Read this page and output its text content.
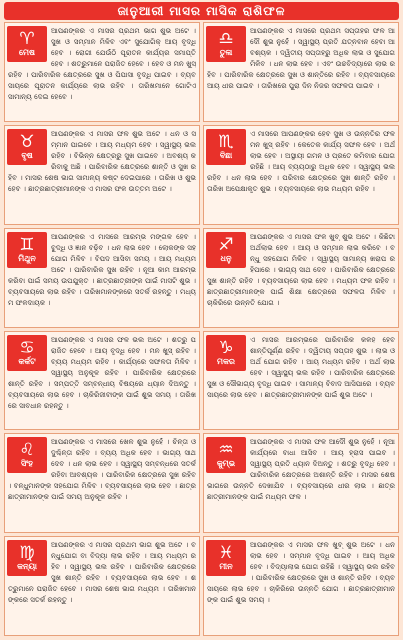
ଜାନୁଆରୀ ମାସର ମାସିକ ରାଶିଫଳ
♈
ମେଷ
ଆପଣଙ୍କର ଏ ମାସର ପ୍ରଥମ ଭାଗ ଶୁଭ ଅଟେ । ସୁଖ ଓ ସମ୍ମାନ ମିଳିବ ଏବଂ ସୁଯୋଗିକ୍ ଆୟ ବୃଦ୍ଧି ହେବ । ରୋଗୀ ଯେଉଁଠି ପୂରାତନ କାର୍ଯ୍ୟର ସମାପ୍ତି ହେବ । ଶତ୍ରୁମାନେ ପରାଜିତ ହେବେ । ହେବ ଓ ମନ ଖୁସ୍ ରହିବ । ପାରିବାରିକ କ୍ଷେତ୍ରରେ ସୁଖ ଓ ପିପାସା ବୃଦ୍ଧି ପାଇବ । ବ୍ୟବସାୟରେ ପୂରାତନ କାର୍ଯ୍ୟରେ ଲାଭ ରହିବ । ତାରିଖମାନେ ଗୋଟିଏ ସାମାନ୍ୟ ଦେଇ ହେବେ ।
♎
ତୁଳା
ଆପଣଙ୍କର ଏ ମାସରେ ପ୍ରଥମ ସପ୍ତାହର ଫଳ ଆଦୌ ଶୁଭ ନୁହେଁ । ସ୍ୱାସ୍ଥ୍ୟ ପ୍ରତି ଯତ୍ନବାନ ହେବା ଆବଶ୍ୟକ । ଦ୍ୱିତୀୟ ସପ୍ତାହରୁ ଅଧିକ ଲାଭ ଓ ସୁଯୋଗ ମିଳିବ । ଧନ ଲାଭ ହେବ । ଏବଂ ଉଚ୍ଚବିଦ୍ୟାରେ ଲାଭ ରହିବ । ପାରିବାରିକ କ୍ଷେତ୍ରରେ ସୁଖ ଓ ଶାନ୍ତିରେ ରହିବ । ବ୍ୟବସାୟରେ ଆୟ ଧୀର ପାଇବ । ତାରିଖରେ ପୁରା ଦିନ ନିଜର ସଫଳତା ପାଇବ ।
♉
ବୃଷ
ଆପଣଙ୍କର ଏ ମାସର ଫଳ ଶୁଭ ଅଟେ । ଧନ ଓ ସମ୍ମାନ ପାଇବେ । ଆୟ ମଧ୍ୟମ ହେବ । ସ୍ୱାସ୍ଥ୍ୟ ଭଲ ରହିବ । ବିଭିନ୍ନ କ୍ଷେତ୍ରରୁ ସୁଖ ପାଇବେ । ଅବଶ୍ୟ କରିବାକୁ ଅଛି । ପାରିବାରିକ କ୍ଷେତ୍ରରେ ଶାନ୍ତି ଓ ସୁଖ ରହିବ । ମାସର ଶେଷ ଭାଗ ସାମାନ୍ୟ କଷ୍ଟ ଦେଇପାରେ । ତାରିଖ ଓ ଶୁଭ ହେବ । ଛାତ୍ରଛାତ୍ରୀମାନଙ୍କ ଏ ମାସର ଫଳ ଉତ୍ତମ ଅଟେ ।
♏
ବିଛା
ଏ ମାସରେ ଆପଣଙ୍କର ହେବ ସୁଖ ଓ ଉନ୍ନତିର ଫଳ ମନ ଖୁସ୍ ରହିବ । କେତେକ କାର୍ଯ୍ୟ ସଫଳ ହେବ । ଅର୍ଥଲାଭ ହେବ । ଅସ୍ଥାୟୀ ଗମନ ଓ ପ୍ରତେ କମିବାର ଯୋଗ ରହିଛି । ଆୟ ବ୍ୟୟଠାରୁ ଅଧିକ ହେବ । ସ୍ୱାସ୍ଥ୍ୟ ଭଲ ରହିବ । ଧନ ଲାଭ ହେବ । ପରିବାର କ୍ଷେତ୍ରରେ ସୁଖ ଶାନ୍ତି ରହିବ । ତାରିଖ ଅପେକ୍ଷାକୃତ ଶୁଭ । ବ୍ୟବସାୟରେ ଲାଭ ମଧ୍ୟମ ରହିବ ।
♊
ମିଥୁନ
ଆପଣଙ୍କର ଏ ମାସରେ ଆରମ୍ଭ ମଙ୍ଗଳ ହେବ । ବୁଦ୍ଧି ଓ ଜ୍ଞାନ ବଢ଼ିବ । ଧନ ଲାଭ ହେବ । ଲୋକଙ୍କ ସହଯୋଗ ମିଳିବ । ବିପଦ ଆସିବା ସମୟ । ଆୟ ମଧ୍ୟମ ଅଟେ । ପାରିବାରିକ ସୁଖ ରହିବ । ନୂଆ କାମ ଆରମ୍ଭ କରିବା ପାଇଁ ସମୟ ଉପଯୁକ୍ତ । ଛାତ୍ରଛାତ୍ରୀଙ୍କ ପାଇଁ ମାସଟି ଶୁଭ । ବ୍ୟବସାୟରେ ଲାଭ ରହିବ । ତାରିଖମାନଙ୍କରେ ସତର୍କ ରହନ୍ତୁ । ମଧ୍ୟମ ଫଳଦାୟକ ।
♐
ଧନୁ
ଆପଣଙ୍କର ଏ ମାସର ଫଳ ଖୁବ୍ ଶୁଭ ଅଟେ । କିଛିଟା ଅର୍ଥଲାଭ ହେବ । ଆୟ ଓ ସମ୍ମାନ ଲାଭ କରିବେ । ବନ୍ଧୁ ସହଯୋଗ ମିଳିବ । ସ୍ୱାସ୍ଥ୍ୟ ସାମାନ୍ୟ ଖରାପ ରହିପାରେ । ଭାଗ୍ୟ ସାଥ ଦେବ । ପାରିବାରିକ କ୍ଷେତ୍ରରେ ସୁଖ ଶାନ୍ତି ରହିବ । ବ୍ୟବସାୟରେ ଲାଭ ହେବ । ମଧ୍ୟମ ଫଳ ରହିବ । ଛାତ୍ରଛାତ୍ରୀମାନଙ୍କ ପାଇଁ ଶିକ୍ଷା କ୍ଷେତ୍ରରେ ସଫଳତା ମିଳିବ । ଚାକିରିରେ ଉନ୍ନତି ଯୋଗ ।
♋
କର୍କଟ
ଆପଣଙ୍କର ଏ ମାସର ଫଳ ଭଲ ଅଟେ । ଶତ୍ରୁ ପରାଜିତ ହେବେ । ଆୟ ବୃଦ୍ଧି ହେବ । ମନ ଖୁସ୍ ରହିବ । ବ୍ୟୟ ମଧ୍ୟମ ରହିବ । କାର୍ଯ୍ୟରେ ସଫଳତା ମିଳିବ । ସ୍ୱାସ୍ଥ୍ୟ ଅନୁକୂଳ ରହିବ । ପାରିବାରିକ କ୍ଷେତ୍ରରେ ଶାନ୍ତି ରହିବ । ସମ୍ପତ୍ତି ସମ୍ବନ୍ଧୀୟ ବିଷୟରେ ଧ୍ୟାନ ଦିଅନ୍ତୁ । ବ୍ୟବସାୟରେ ଲାଭ ହେବ । ଚାକିରିଜୀବୀଙ୍କ ପାଇଁ ଶୁଭ ସମୟ । ତାରିଖରେ ସାବଧାନ ରହନ୍ତୁ ।
♑
ମକର
ଏ ମାସର ଆରମ୍ଭରେ ପାରିବାରିକ କଳହ ହେବ ଶାନ୍ତିପୂର୍ଣ୍ଣ ରହିବ । ଦ୍ୱିତୀୟ ସପ୍ତାହ ଶୁଭ । ଲାଭ ଓ ଅର୍ଥ ଯୋଗ ରହିବ । ଆୟ ମଧ୍ୟମ ରହିବ । ଅର୍ଥ ଲାଭ ହେବ । ସ୍ୱାସ୍ଥ୍ୟ ଭଲ ରହିବ । ପାରିବାରିକ କ୍ଷେତ୍ରରେ ସୁଖ ଓ ସୌଭାଗ୍ୟ ବୃଦ୍ଧି ପାଇବ । ସାମାନ୍ୟ ବିବାଦ ଆସିପାରେ । ବ୍ୟବସାୟରେ ଲାଭ ହେବ । ଛାତ୍ରଛାତ୍ରୀମାନଙ୍କ ପାଇଁ ଶୁଭ ଅଟେ ।
♌
ସିଂହ
ଆପଣଙ୍କର ଏ ମାସରେ ଖେଳ ଶୁଭ ନୁହେଁ । ଚିନ୍ତା ଓ ଦୁଶ୍ଚିନ୍ତା ରହିବ । ବ୍ୟୟ ଅଧିକ ହେବ । ଭାଗ୍ୟ ସାଥ ଦେବ । ଧନ ଲାଭ ହେବ । ସ୍ୱାସ୍ଥ୍ୟ ସମ୍ବନ୍ଧରେ ସତର୍କ ରହିବା ଆବଶ୍ୟକ । ପାରିବାରିକ କ୍ଷେତ୍ରରେ ସୁଖ ରହିବ । ବନ୍ଧୁମାନଙ୍କ ସହଯୋଗ ମିଳିବ । ବ୍ୟବସାୟରେ ଲାଭ ହେବ । ଛାତ୍ରଛାତ୍ରୀମାନଙ୍କ ପାଇଁ ସମୟ ଅନୁକୂଳ ରହିବ ।
♒
କୁମ୍ଭ
ଆପଣଙ୍କର ଏ ମାସର ଫଳ ଆଦୌ ଶୁଭ ନୁହେଁ । ନୂଆ କାର୍ଯ୍ୟରେ ବାଧା ଆସିବ । ଆୟ ହ୍ରାସ ପାଇବ । ସ୍ୱାସ୍ଥ୍ୟ ପ୍ରତି ଧ୍ୟାନ ଦିଅନ୍ତୁ । ଶତ୍ରୁ ବୃଦ୍ଧି ହେବ । ପାରିବାରିକ କ୍ଷେତ୍ରରେ ଅଶାନ୍ତି ରହିବ । ମାସର ଶେଷ ଭାଗରେ ଉନ୍ନତି ଦେଖାଯିବ । ବ୍ୟବସାୟରେ ଧୀର ଲାଭ । ଛାତ୍ରଛାତ୍ରୀମାନଙ୍କ ପାଇଁ ମଧ୍ୟମ ଫଳ ।
♍
କନ୍ୟା
ଆପଣଙ୍କର ଏ ମାସର ପ୍ରଥମ ଭାଗ ଶୁଭ ଅଟେ । ବନ୍ଧୁଯୋଗ ବା ବିଦ୍ୟା ଲାଭ ରହିବ । ଆୟ ମଧ୍ୟମ ରହିବ । ସ୍ୱାସ୍ଥ୍ୟ ଭଲ ରହିବ । ପାରିବାରିକ କ୍ଷେତ୍ରରେ ସୁଖ ଶାନ୍ତି ରହିବ । ବ୍ୟବସାୟରେ ଲାଭ ହେବ । ଶତ୍ରୁମାନେ ପରାଜିତ ହେବେ । ମାସର ଶେଷ ଭାଗ ମଧ୍ୟମ । ତାରିଖମାନଙ୍କରେ ସତର୍କ ରହନ୍ତୁ ।
♓
ମୀନ
ଆପଣଙ୍କର ଏ ମାସର ଫଳ ଖୁବ୍ ଶୁଭ ଅଟେ । ଧନଲାଭ ହେବ । ସମ୍ମାନ ବୃଦ୍ଧି ପାଇବ । ଆୟ ଅଧିକ ହେବ । ବିଦ୍ୟାଲାଭ ଯୋଗ ରହିଛି । ସ୍ୱାସ୍ଥ୍ୟ ଭଲ ରହିବ । ପାରିବାରିକ କ୍ଷେତ୍ରରେ ସୁଖ ଓ ଶାନ୍ତି ରହିବ । ବ୍ୟବସାୟରେ ଲାଭ ହେବ । ଚାକିରିରେ ଉନ୍ନତି ଯୋଗ । ଛାତ୍ରଛାତ୍ରୀମାନଙ୍କ ପାଇଁ ଶୁଭ ସମୟ ।
